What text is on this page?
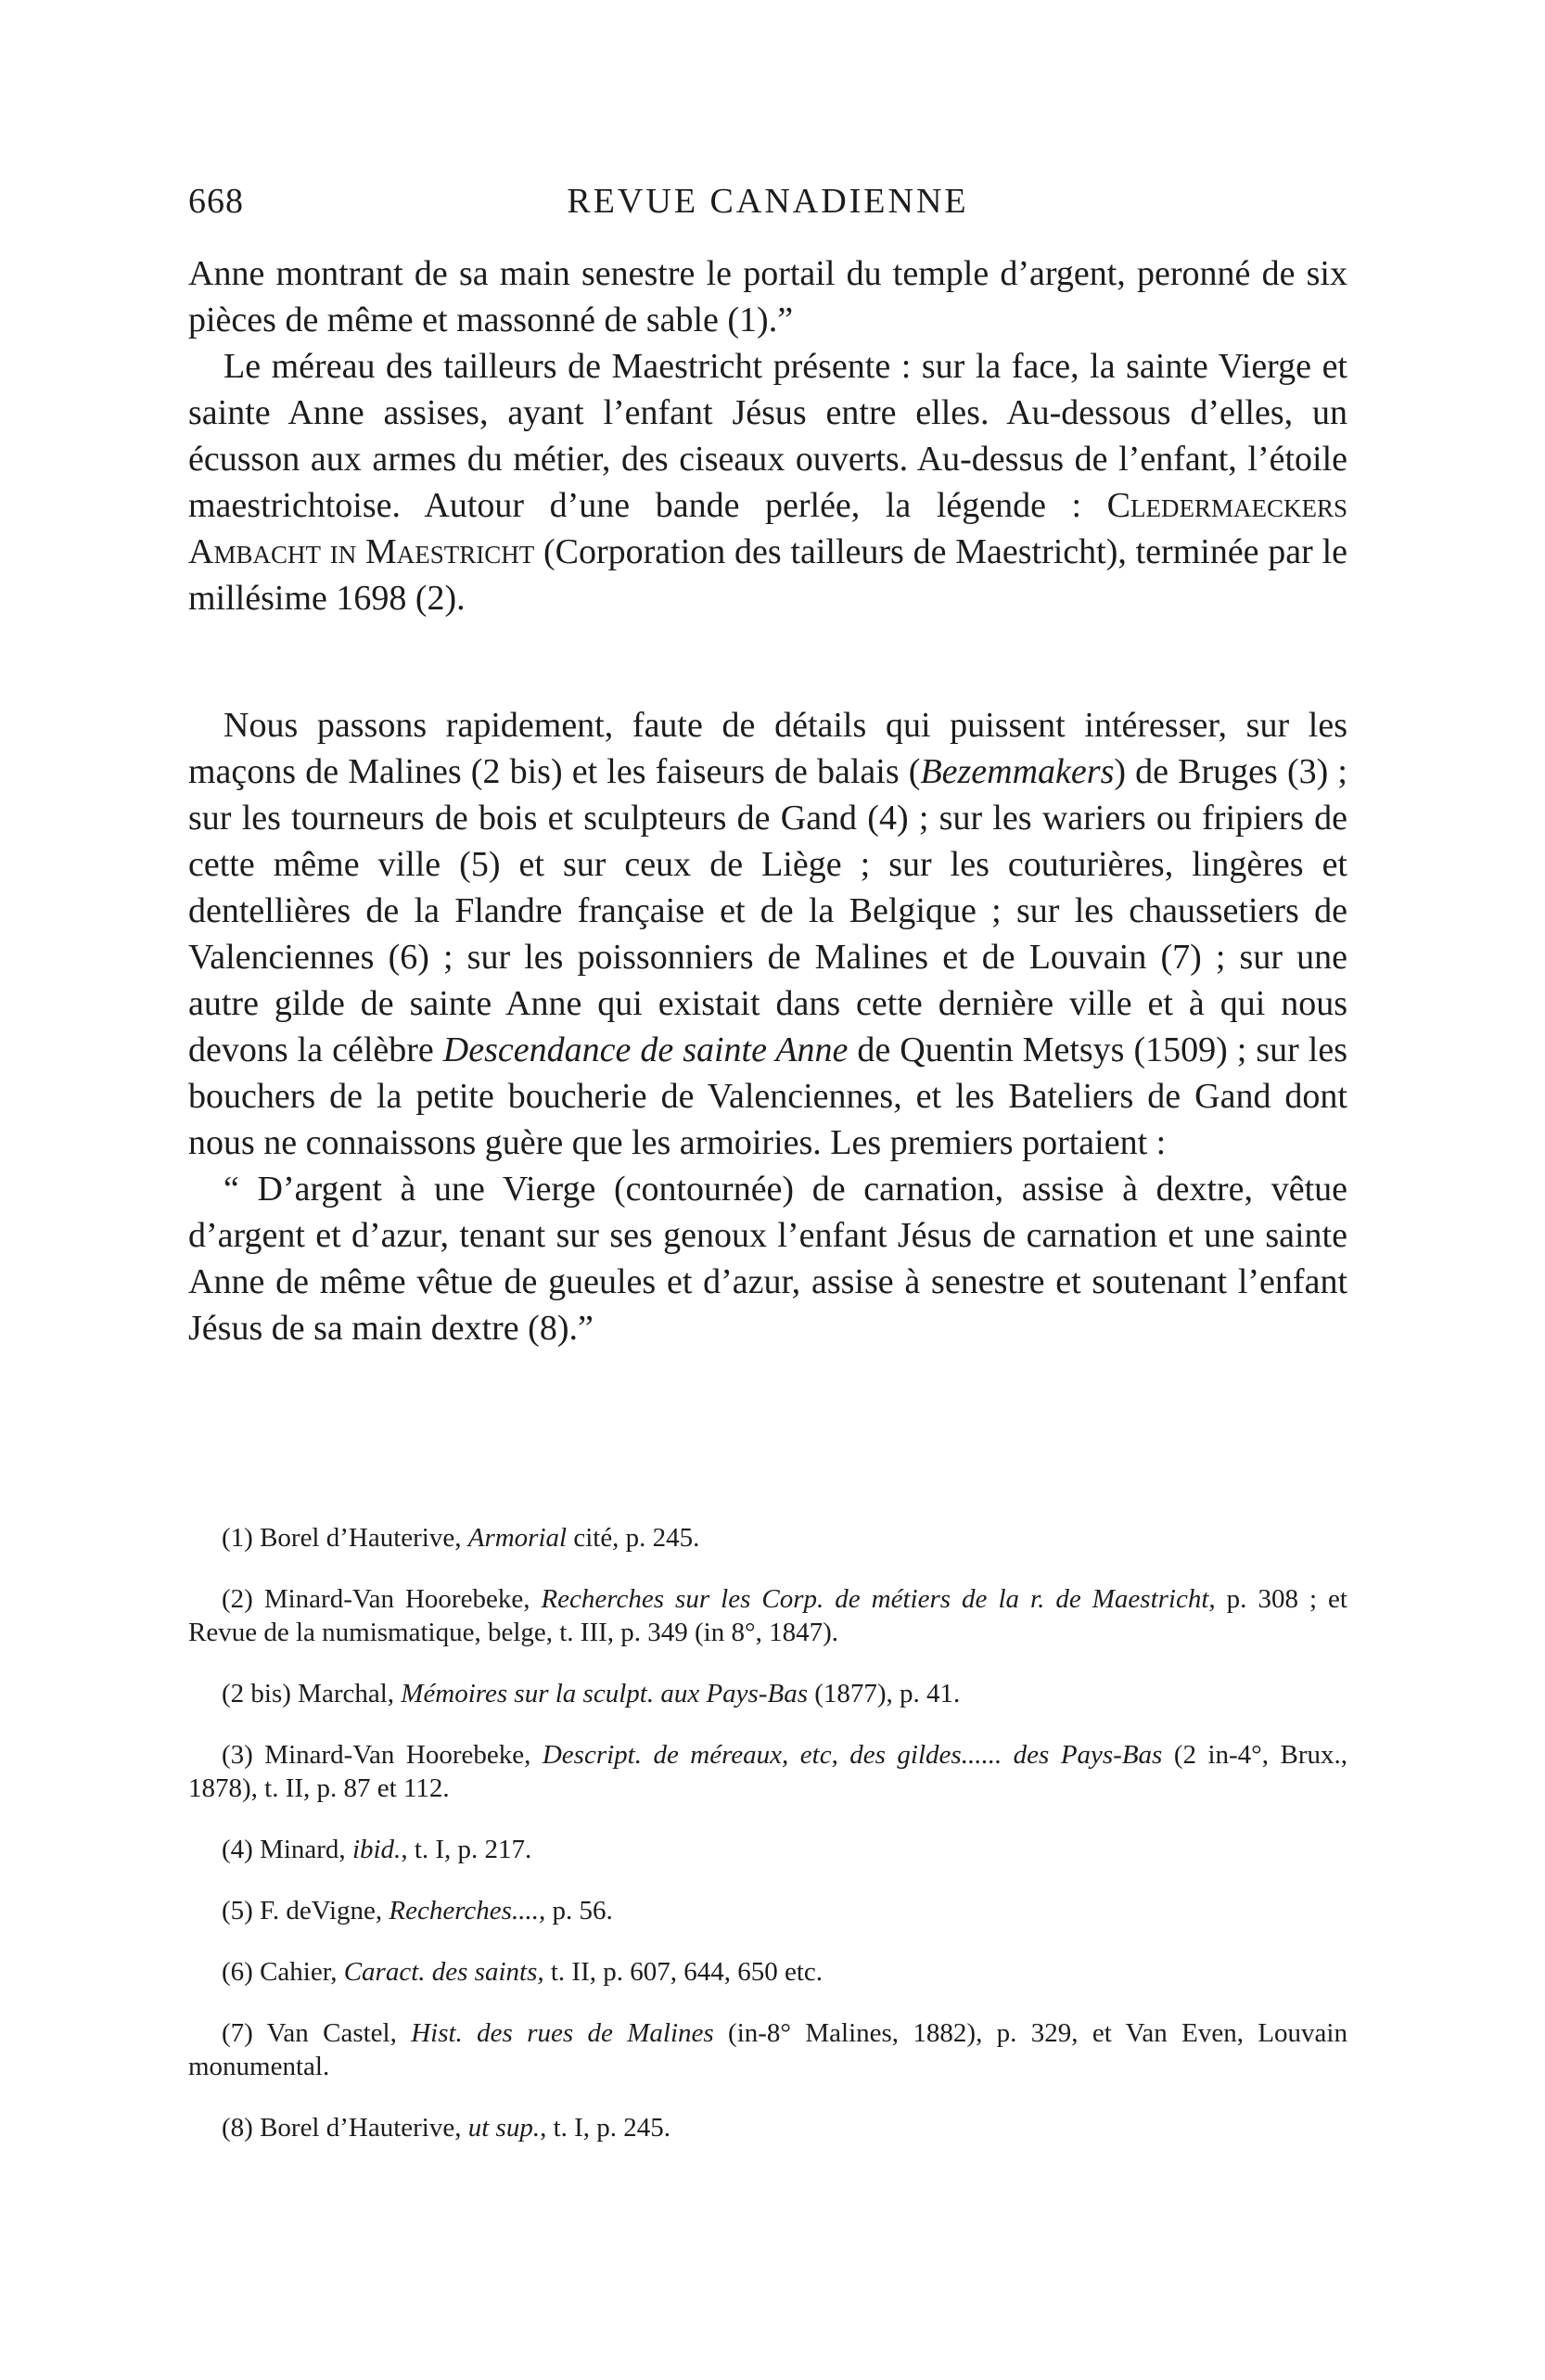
668	REVUE CANADIENNE

Anne montrant de sa main senestre le portail du temple d’argent, peronné de six pièces de même et massonné de sable (1).”

Le méreau des tailleurs de Maestricht présente : sur la face, la sainte Vierge et sainte Anne assises, ayant l’enfant Jésus entre elles. Au-dessous d’elles, un écusson aux armes du métier, des ciseaux ouverts. Au-dessus de l’enfant, l’étoile maestrichtoise. Autour d’une bande perlée, la légende : Cledermaeckers Ambacht in Maestricht (Corporation des tailleurs de Maestricht), terminée par le millésime 1698 (2).

Nous passons rapidement, faute de détails qui puissent intéresser, sur les maçons de Malines (2 bis) et les faiseurs de balais (Bezemmakers) de Bruges (3) ; sur les tourneurs de bois et sculpteurs de Gand (4) ; sur les wariers ou fripiers de cette même ville (5) et sur ceux de Liège ; sur les couturières, lingères et dentellières de la Flandre française et de la Belgique ; sur les chaussetiers de Valenciennes (6) ; sur les poissonniers de Malines et de Louvain (7) ; sur une autre gilde de sainte Anne qui existait dans cette dernière ville et à qui nous devons la célèbre Descendance de sainte Anne de Quentin Metsys (1509) ; sur les bouchers de la petite boucherie de Valenciennes, et les Bateliers de Gand dont nous ne connaissons guère que les armoiries. Les premiers portaient :

“ D’argent à une Vierge (contournée) de carnation, assise à dextre, vêtue d’argent et d’azur, tenant sur ses genoux l’enfant Jésus de carnation et une sainte Anne de même vêtue de gueules et d’azur, assise à senestre et soutenant l’enfant Jésus de sa main dextre (8).”

(1) Borel d’Hauterive, Armorial cité, p. 245.

(2) Minard-Van Hoorebeke, Recherches sur les Corp. de métiers de la r. de Maestricht, p. 308 ; et Revue de la numismatique, belge, t. III, p. 349 (in 8°, 1847).

(2 bis) Marchal, Mémoires sur la sculpt. aux Pays-Bas (1877), p. 41.

(3) Minard-Van Hoorebeke, Descript. de méreaux, etc, des gildes...... des Pays-Bas (2 in-4°, Brux., 1878), t. II, p. 87 et 112.

(4) Minard, ibid., t. I, p. 217.

(5) F. deVigne, Recherches...., p. 56.

(6) Cahier, Caract. des saints, t. II, p. 607, 644, 650 etc.

(7) Van Castel, Hist. des rues de Malines (in-8° Malines, 1882), p. 329, et Van Even, Louvain monumental.

(8) Borel d’Hauterive, ut sup., t. I, p. 245.
